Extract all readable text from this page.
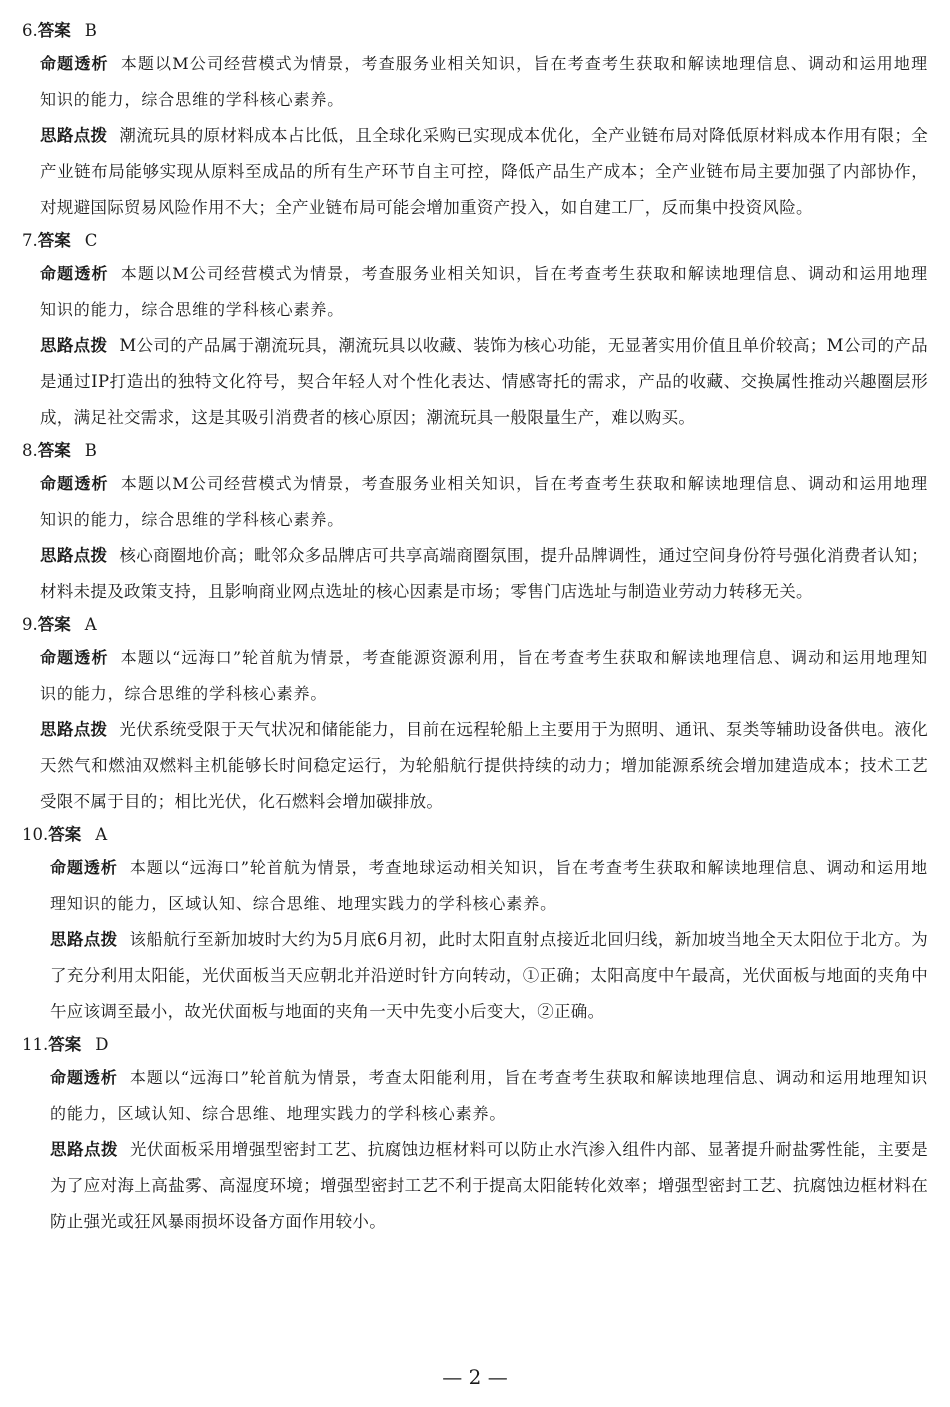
6.答案 B

命题透析 本题以M公司经营模式为情景，考查服务业相关知识，旨在考查考生获取和解读地理信息、调动和运用地理知识的能力，综合思维的学科核心素养。

思路点拨 潮流玩具的原材料成本占比低，且全球化采购已实现成本优化，全产业链布局对降低原材料成本作用有限；全产业链布局能够实现从原料至成品的所有生产环节自主可控，降低产品生产成本；全产业链布局主要加强了内部协作，对规避国际贸易风险作用不大；全产业链布局可能会增加重资产投入，如自建工厂，反而集中投资风险。

7.答案 C

命题透析 本题以M公司经营模式为情景，考查服务业相关知识，旨在考查考生获取和解读地理信息、调动和运用地理知识的能力，综合思维的学科核心素养。

思路点拨 M公司的产品属于潮流玩具，潮流玩具以收藏、装饰为核心功能，无显著实用价值且单价较高；M公司的产品是通过IP打造出的独特文化符号，契合年轻人对个性化表达、情感寄托的需求，产品的收藏、交换属性推动兴趣圈层形成，满足社交需求，这是其吸引消费者的核心原因；潮流玩具一般限量生产，难以购买。

8.答案 B

命题透析 本题以M公司经营模式为情景，考查服务业相关知识，旨在考查考生获取和解读地理信息、调动和运用地理知识的能力，综合思维的学科核心素养。

思路点拨 核心商圈地价高；毗邻众多品牌店可共享高端商圈氛围，提升品牌调性，通过空间身份符号强化消费者认知；材料未提及政策支持，且影响商业网点选址的核心因素是市场；零售门店选址与制造业劳动力转移无关。

9.答案 A

命题透析 本题以“远海口”轮首航为情景，考查能源资源利用，旨在考查考生获取和解读地理信息、调动和运用地理知识的能力，综合思维的学科核心素养。

思路点拨 光伏系统受限于天气状况和储能能力，目前在远程轮船上主要用于为照明、通讯、泵类等辅助设备供电。液化天然气和燃油双燃料主机能够长时间稳定运行，为轮船航行提供持续的动力；增加能源系统会增加建造成本；技术工艺受限不属于目的；相比光伏，化石燃料会增加碳排放。

10.答案 A

命题透析 本题以“远海口”轮首航为情景，考查地球运动相关知识，旨在考查考生获取和解读地理信息、调动和运用地理知识的能力，区域认知、综合思维、地理实践力的学科核心素养。

思路点拨 该船航行至新加坡时大约为5月底6月初，此时太阳直射点接近北回归线，新加坡当地全天太阳位于北方。为了充分利用太阳能，光伏面板当天应朝北并沿逆时针方向转动，①正确；太阳高度中午最高，光伏面板与地面的夹角中午应该调至最小，故光伏面板与地面的夹角一天中先变小后变大，②正确。

11.答案 D

命题透析 本题以“远海口”轮首航为情景，考查太阳能利用，旨在考查考生获取和解读地理信息、调动和运用地理知识的能力，区域认知、综合思维、地理实践力的学科核心素养。

思路点拨 光伏面板采用增强型密封工艺、抗腐蚀边框材料可以防止水汽渗入组件内部、显著提升耐盐雾性能，主要是为了应对海上高盐雾、高湿度环境；增强型密封工艺不利于提高太阳能转化效率；增强型密封工艺、抗腐蚀边框材料在防止强光或狂风暴雨损坏设备方面作用较小。

— 2 —
